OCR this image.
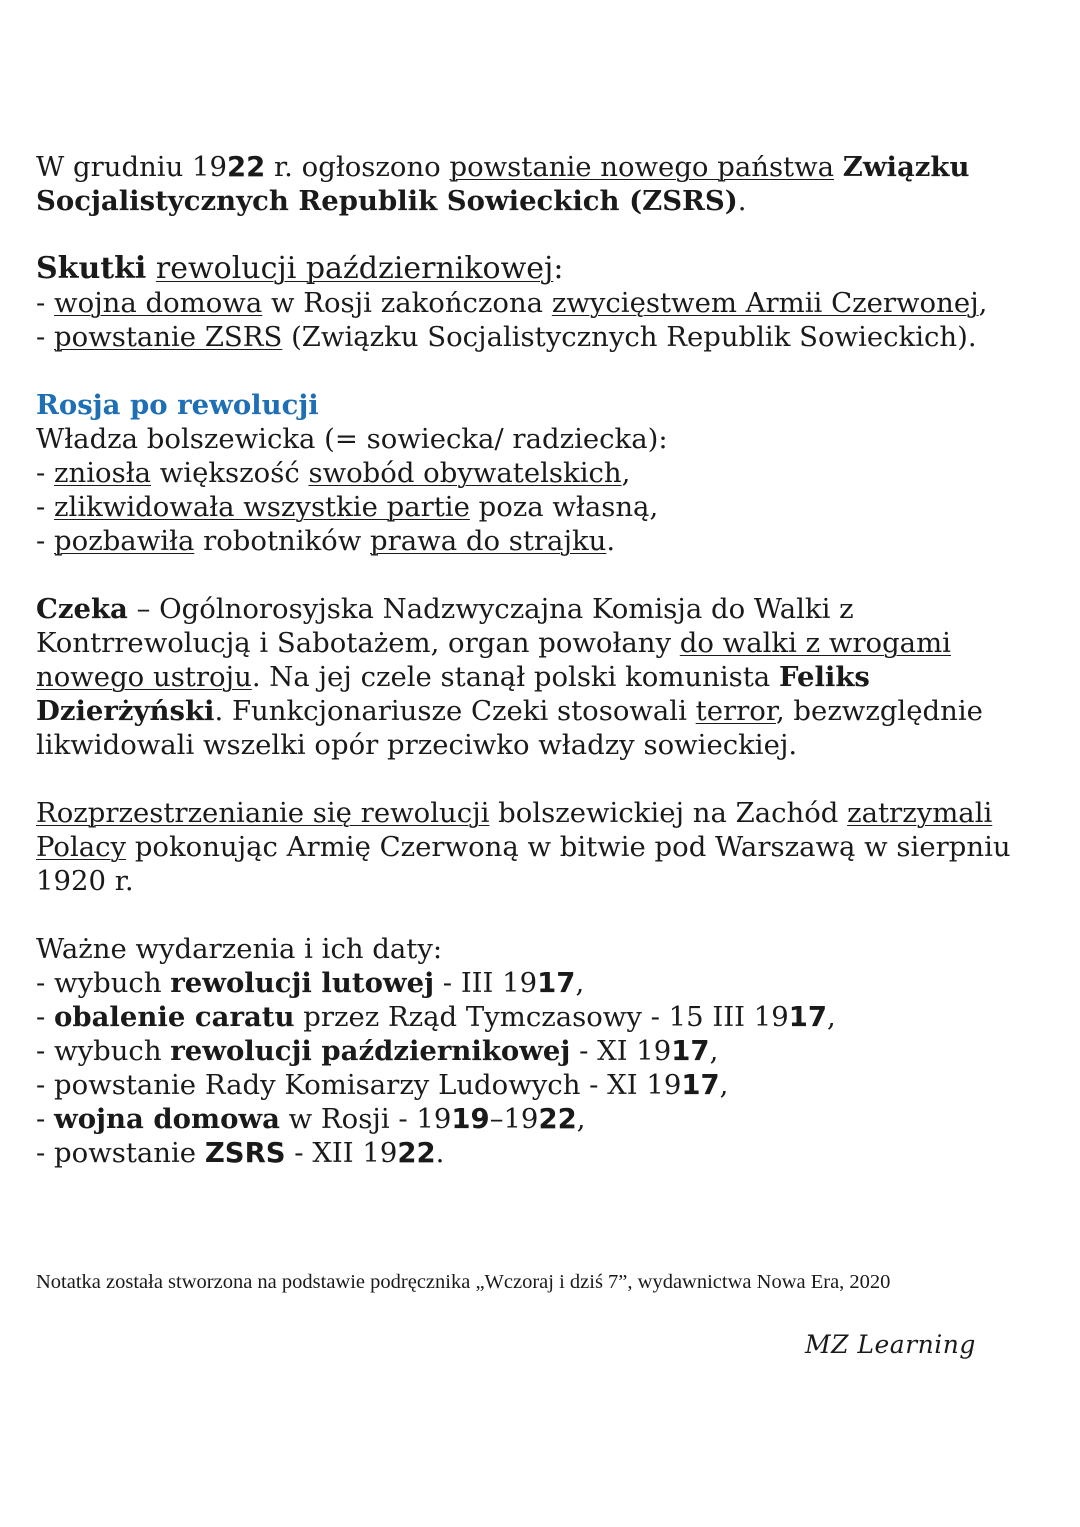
W grudniu 1922 r. ogłoszono powstanie nowego państwa Związku Socjalistycznych Republik Sowieckich (ZSRS).

Skutki rewolucji październikowej:

- wojna domowa w Rosji zakończona zwycięstwem Armii Czerwonej,

- powstanie ZSRS (Związku Socjalistycznych Republik Sowieckich).

Rosja po rewolucji

Władza bolszewicka (= sowiecka/ radziecka):

- zniosła większość swobód obywatelskich,

- zlikwidowała wszystkie partie poza własną,

- pozbawiła robotników prawa do strajku.

Czeka – Ogólnorosyjska Nadzwyczajna Komisja do Walki z Kontrrewolucją i Sabotażem, organ powołany do walki z wrogami nowego ustroju. Na jej czele stanął polski komunista Feliks Dzierżyński. Funkcjonariusze Czeki stosowali terror, bezwzględnie likwidowali wszelki opór przeciwko władzy sowieckiej.

Rozprzestrzenianie się rewolucji bolszewickiej na Zachód zatrzymali Polacy pokonując Armię Czerwoną w bitwie pod Warszawą w sierpniu 1920 r.

Ważne wydarzenia i ich daty:

- wybuch rewolucji lutowej - III 1917,

- obalenie caratu przez Rząd Tymczasowy - 15 III 1917,

- wybuch rewolucji październikowej - XI 1917,

- powstanie Rady Komisarzy Ludowych - XI 1917,

- wojna domowa w Rosji - 1919–1922,

- powstanie ZSRS - XII 1922.

Notatka została stworzona na podstawie podręcznika „Wczoraj i dziś 7”, wydawnictwa Nowa Era, 2020

MZ Learning
